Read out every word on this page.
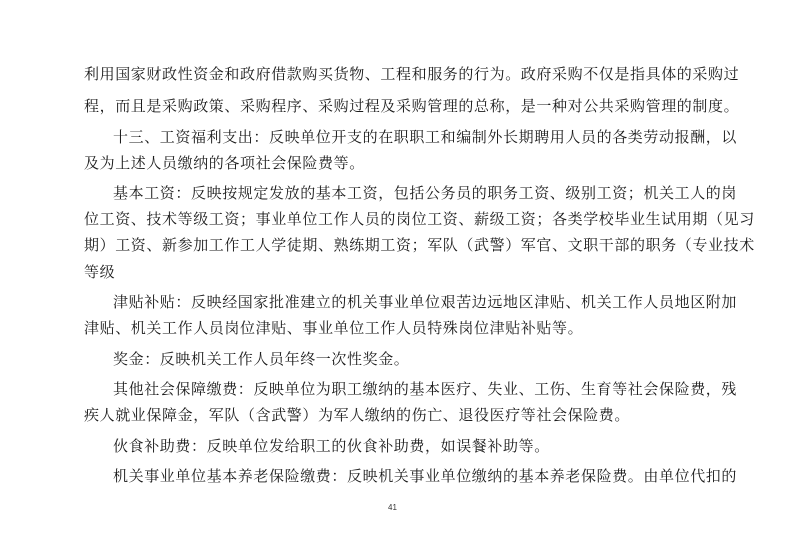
利用国家财政性资金和政府借款购买货物、工程和服务的行为。政府采购不仅是指具体的采购过
程，而且是采购政策、采购程序、采购过程及采购管理的总称，是一种对公共采购管理的制度。
十三、工资福利支出：反映单位开支的在职职工和编制外长期聘用人员的各类劳动报酬，以
及为上述人员缴纳的各项社会保险费等。
基本工资：反映按规定发放的基本工资，包括公务员的职务工资、级别工资；机关工人的岗
位工资、技术等级工资；事业单位工作人员的岗位工资、薪级工资；各类学校毕业生试用期（见习
期）工资、新参加工作工人学徒期、熟练期工资；军队（武警）军官、文职干部的职务（专业技术
等级
津贴补贴：反映经国家批准建立的机关事业单位艰苦边远地区津贴、机关工作人员地区附加
津贴、机关工作人员岗位津贴、事业单位工作人员特殊岗位津贴补贴等。
奖金：反映机关工作人员年终一次性奖金。
其他社会保障缴费：反映单位为职工缴纳的基本医疗、失业、工伤、生育等社会保险费，残
疾人就业保障金，军队（含武警）为军人缴纳的伤亡、退役医疗等社会保险费。
伙食补助费：反映单位发给职工的伙食补助费，如误餐补助等。
机关事业单位基本养老保险缴费：反映机关事业单位缴纳的基本养老保险费。由单位代扣的
41
